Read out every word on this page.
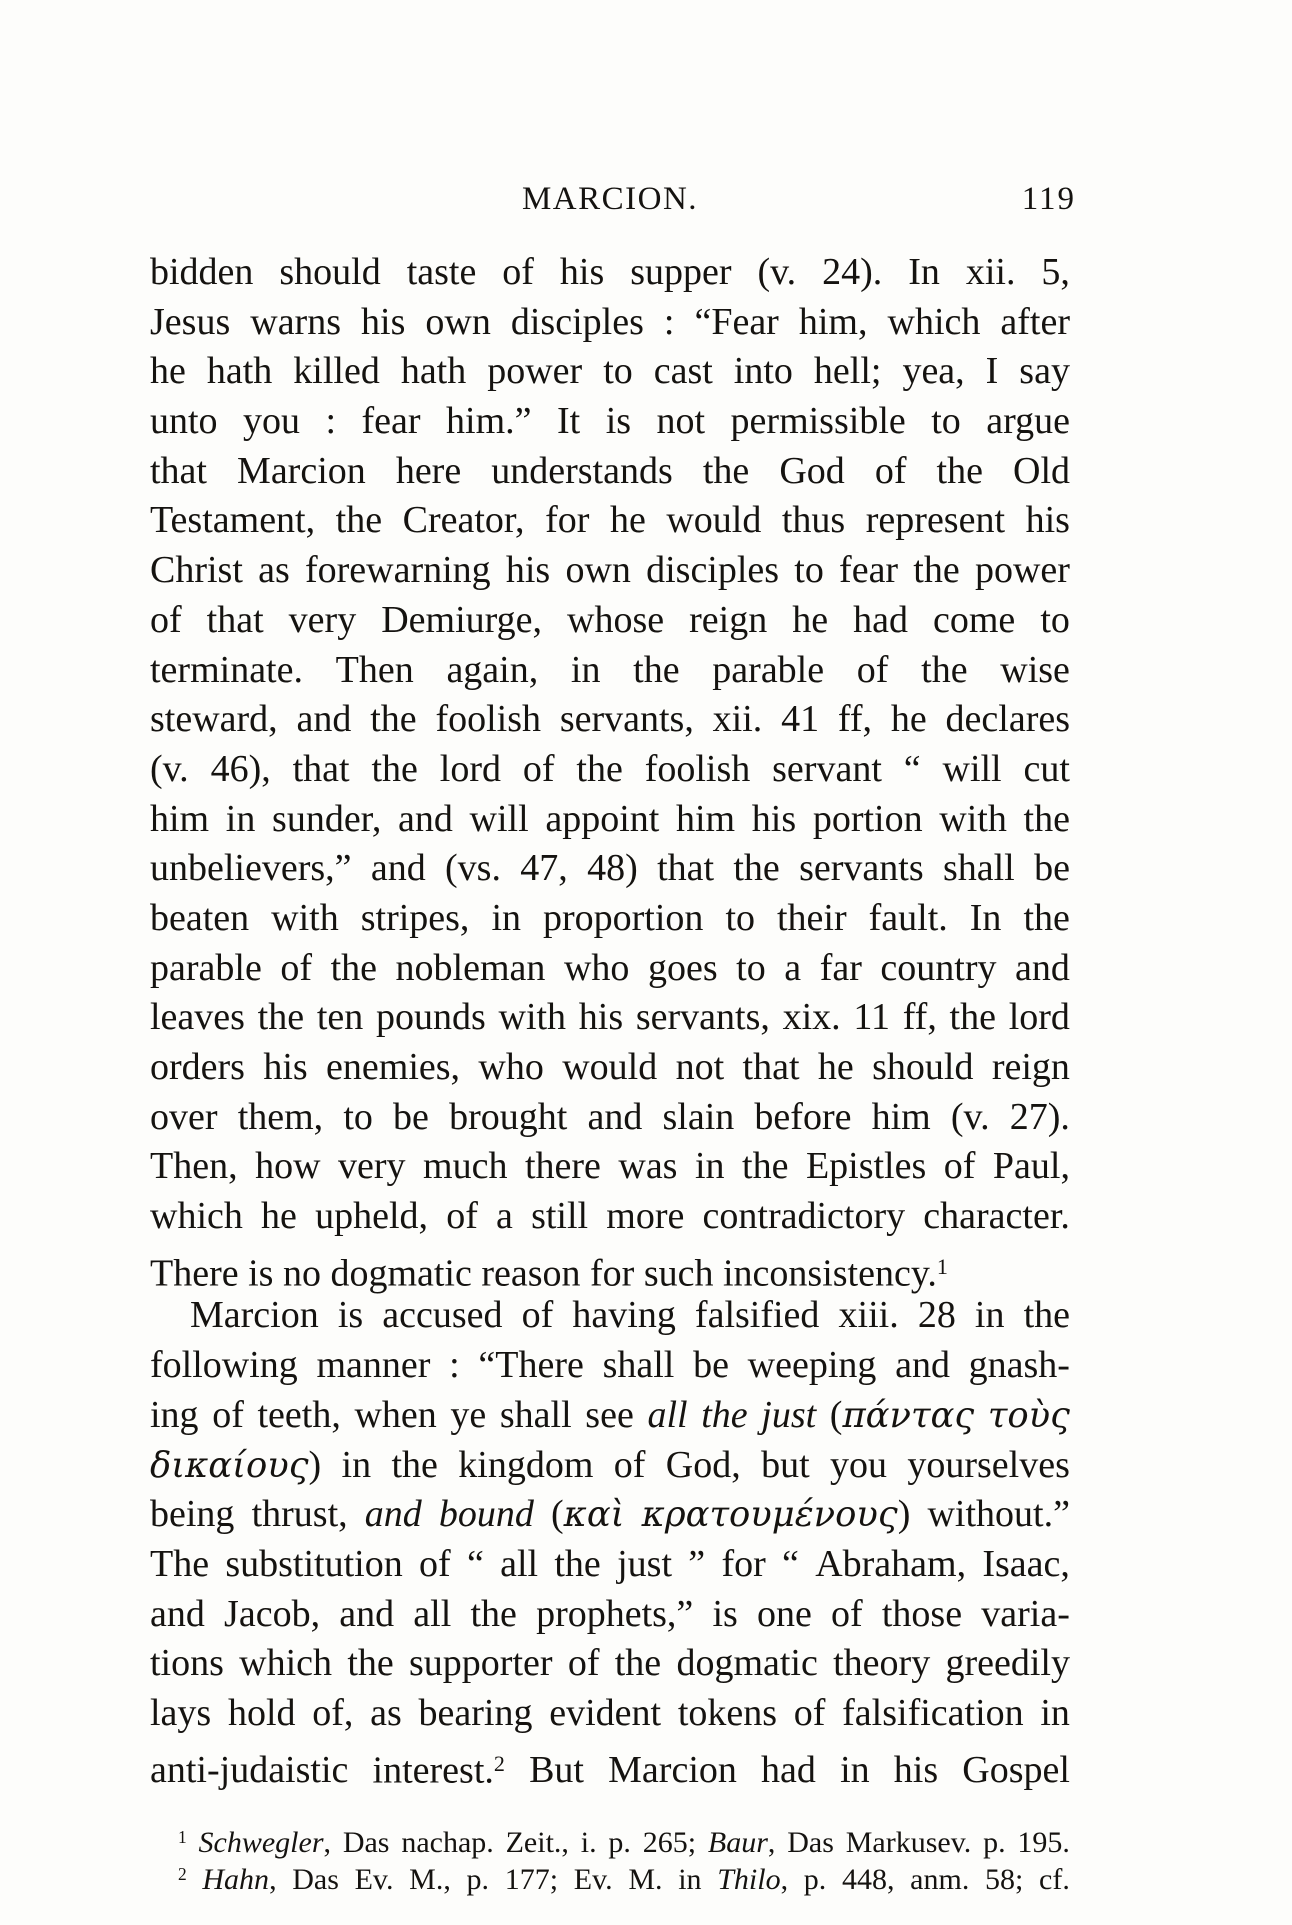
MARCION.	119
bidden should taste of his supper (v. 24). In xii. 5,
Jesus warns his own disciples : “Fear him, which after
he hath killed hath power to cast into hell; yea, I say
unto you : fear him.” It is not permissible to argue
that Marcion here understands the God of the Old
Testament, the Creator, for he would thus represent his
Christ as forewarning his own disciples to fear the power
of that very Demiurge, whose reign he had come to
terminate. Then again, in the parable of the wise
steward, and the foolish servants, xii. 41 ff, he declares
(v. 46), that the lord of the foolish servant “ will cut
him in sunder, and will appoint him his portion with the
unbelievers,” and (vs. 47, 48) that the servants shall be
beaten with stripes, in proportion to their fault. In the
parable of the nobleman who goes to a far country and
leaves the ten pounds with his servants, xix. 11 ff, the lord
orders his enemies, who would not that he should reign
over them, to be brought and slain before him (v. 27).
Then, how very much there was in the Epistles of Paul,
which he upheld, of a still more contradictory character.
There is no dogmatic reason for such inconsistency.$^1$
Marcion is accused of having falsified xiii. 28 in the
following manner : “There shall be weeping and gnash-
ing of teeth, when ye shall see all the just (πάντας τοὺς
δικαίους) in the kingdom of God, but you yourselves
being thrust, and bound (καὶ κρατουμένους) without.”
The substitution of “ all the just ” for “ Abraham, Isaac,
and Jacob, and all the prophets,” is one of those varia-
tions which the supporter of the dogmatic theory greedily
lays hold of, as bearing evident tokens of falsification in
anti-judaistic interest.$^2$ But Marcion had in his Gospel
$^1$ Schwegler, Das nachap. Zeit., i. p. 265; Baur, Das Markusev. p. 195.
$^2$ Hahn, Das Ev. M., p. 177; Ev. M. in Thilo, p. 448, anm. 58; cf.
